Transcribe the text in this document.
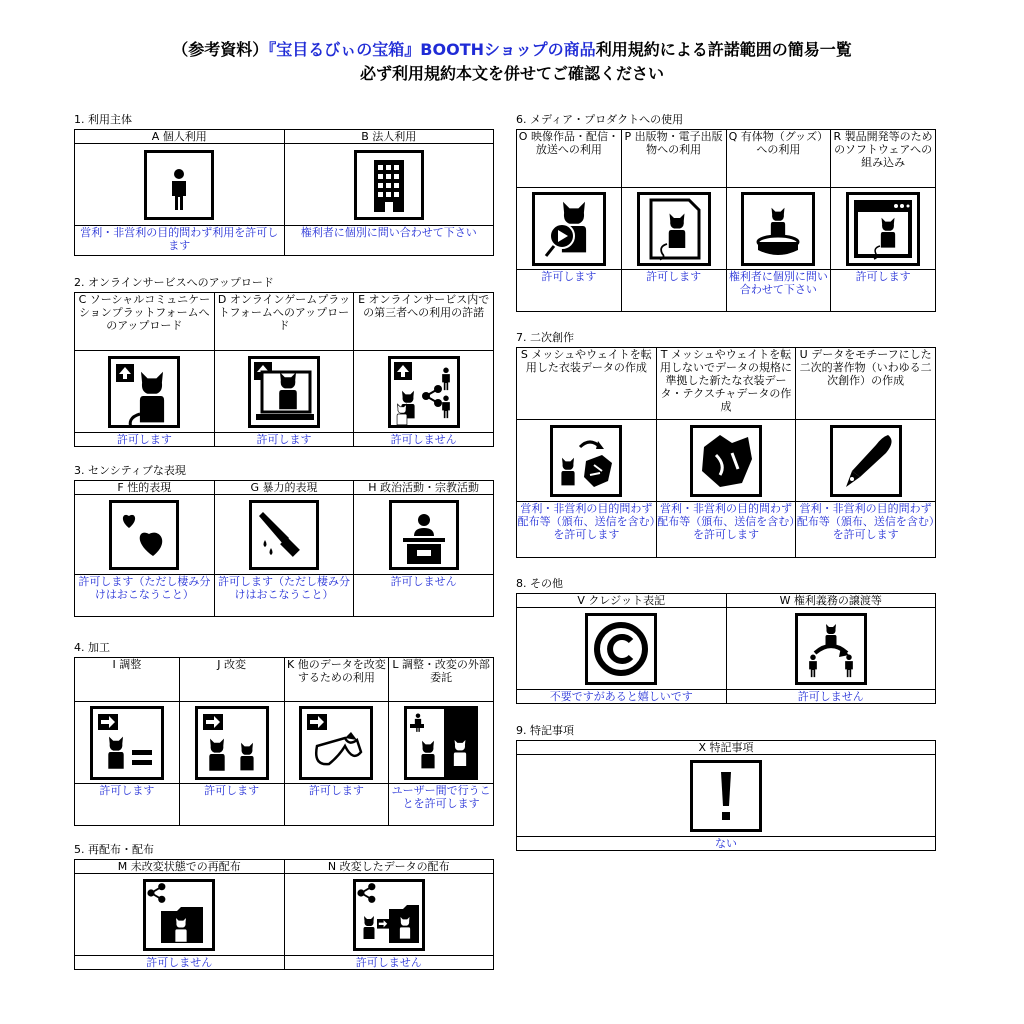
（参考資料）『宝目るびぃの宝箱』BOOTHショップの商品利用規約による許諾範囲の簡易一覧
必ず利用規約本文を併せてご確認ください
1. 利用主体
A 個人利用	B 法人利用

営利・非営利の目的問わず利用を許可します	権利者に個別に問い合わせて下さい
2. オンラインサービスへのアップロード
C ソーシャルコミュニケーションプラットフォームへのアップロード	D オンラインゲームプラットフォームへのアップロード	E オンラインサービス内での第三者への利用の許諾

許可します	許可します	許可しません
3. センシティブな表現
F 性的表現	G 暴力的表現	H 政治活動・宗教活動

許可します（ただし棲み分けはおこなうこと）	許可します（ただし棲み分けはおこなうこと）	許可しません
4. 加工
I 調整	J 改変	K 他のデータを改変するための利用	L 調整・改変の外部委託

許可します	許可します	許可します	ユーザー間で行うことを許可します
5. 再配布・配布
M 未改変状態での再配布	N 改変したデータの配布

許可しません	許可しません
6. メディア・プロダクトへの使用
O 映像作品・配信・放送への利用	P 出版物・電子出版物への利用	Q 有体物（グッズ）への利用	R 製品開発等のためのソフトウェアへの組み込み

許可します	許可します	権利者に個別に問い合わせて下さい	許可します
7. 二次創作
S メッシュやウェイトを転用した衣装データの作成	T メッシュやウェイトを転用しないでデータの規格に準拠した新たな衣装データ・テクスチャデータの作成	U データをモチーフにした二次的著作物（いわゆる二次創作）の作成

営利・非営利の目的問わず配布等（頒布、送信を含む）を許可します	営利・非営利の目的問わず配布等（頒布、送信を含む）を許可します	営利・非営利の目的問わず配布等（頒布、送信を含む）を許可します
8. その他
V クレジット表記	W 権利義務の譲渡等

不要ですがあると嬉しいです	許可しません
9. 特記事項
X 特記事項

ない
